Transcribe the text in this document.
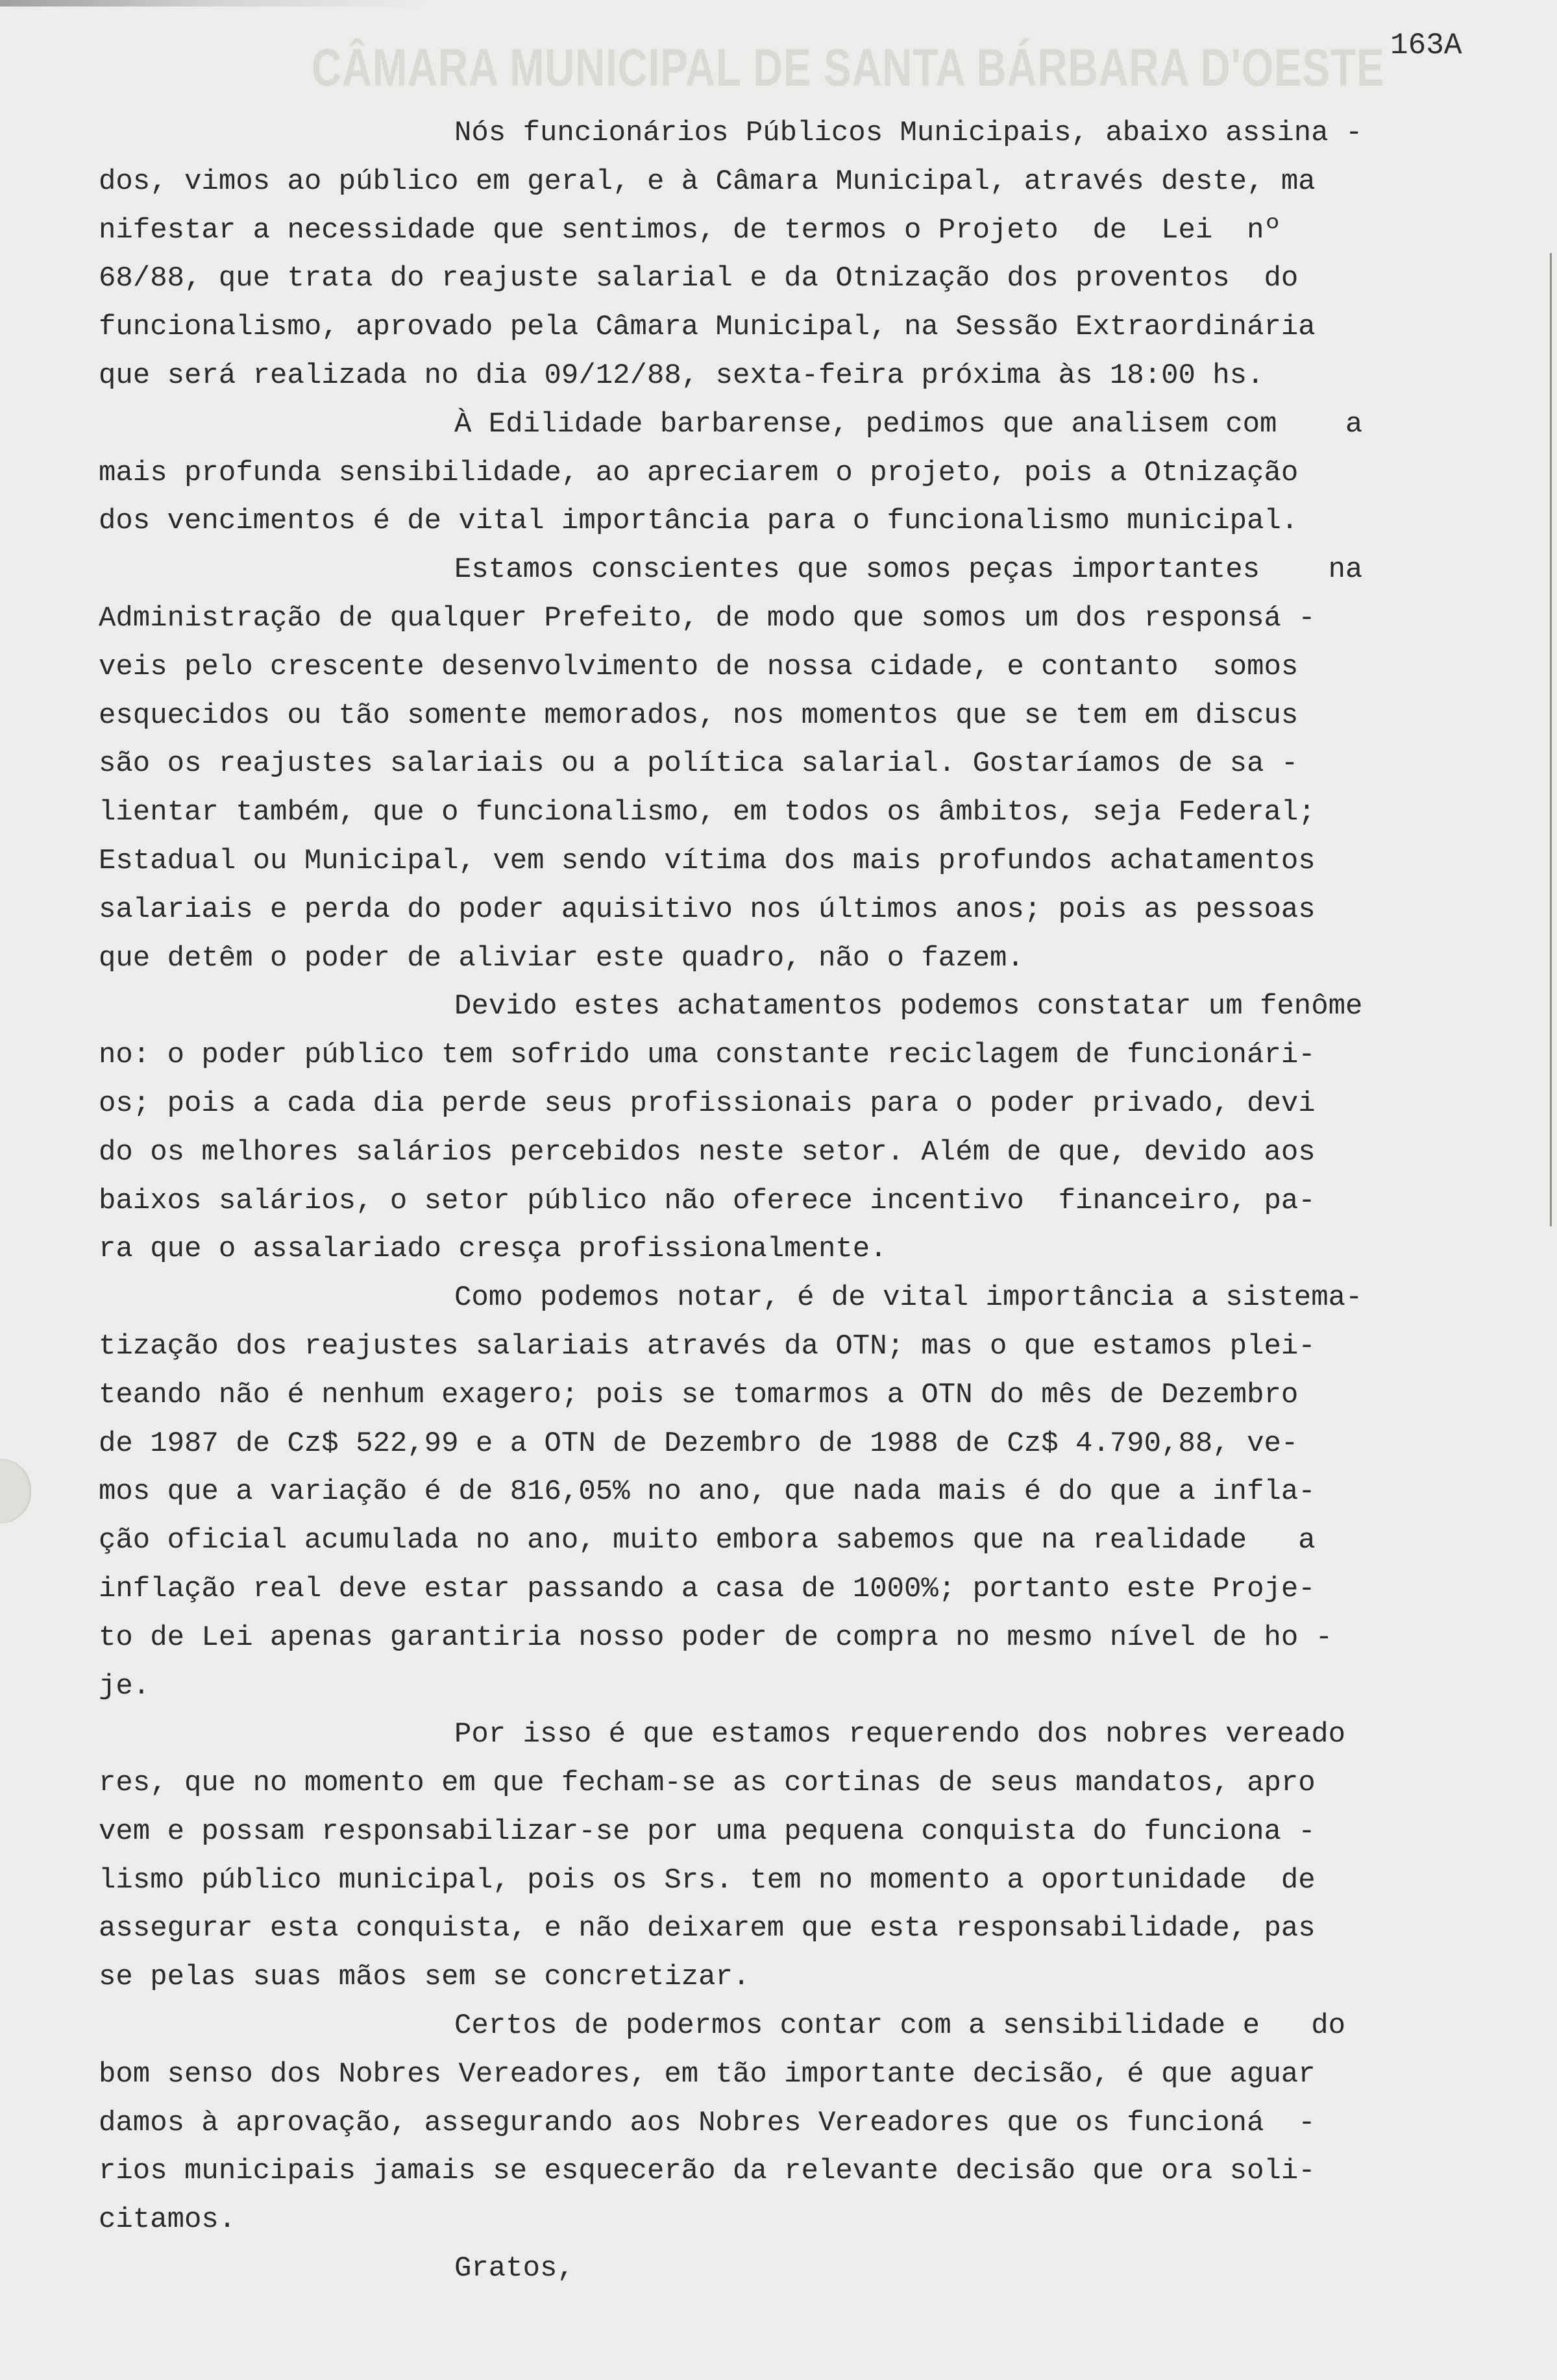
CÂMARA MUNICIPAL DE SANTA BÁRBARA D'OESTE 163A
Nós funcionários Públicos Municipais, abaixo assina -
dos, vimos ao público em geral, e à Câmara Municipal, através deste, ma
nifestar a necessidade que sentimos, de termos o Projeto  de  Lei  nº
68/88, que trata do reajuste salarial e da Otnização dos proventos  do
funcionalismo, aprovado pela Câmara Municipal, na Sessão Extraordinária
que será realizada no dia 09/12/88, sexta-feira próxima às 18:00 hs.
À Edilidade barbarense, pedimos que analisem com    a
mais profunda sensibilidade, ao apreciarem o projeto, pois a Otnização
dos vencimentos é de vital importância para o funcionalismo municipal.
Estamos conscientes que somos peças importantes    na
Administração de qualquer Prefeito, de modo que somos um dos responsá -
veis pelo crescente desenvolvimento de nossa cidade, e contanto  somos
esquecidos ou tão somente memorados, nos momentos que se tem em discus
são os reajustes salariais ou a política salarial. Gostaríamos de sa -
lientar também, que o funcionalismo, em todos os âmbitos, seja Federal;
Estadual ou Municipal, vem sendo vítima dos mais profundos achatamentos
salariais e perda do poder aquisitivo nos últimos anos; pois as pessoas
que detêm o poder de aliviar este quadro, não o fazem.
Devido estes achatamentos podemos constatar um fenôme
no: o poder público tem sofrido uma constante reciclagem de funcionári-
os; pois a cada dia perde seus profissionais para o poder privado, devi
do os melhores salários percebidos neste setor. Além de que, devido aos
baixos salários, o setor público não oferece incentivo  financeiro, pa-
ra que o assalariado cresça profissionalmente.
Como podemos notar, é de vital importância a sistema-
tização dos reajustes salariais através da OTN; mas o que estamos plei-
teando não é nenhum exagero; pois se tomarmos a OTN do mês de Dezembro
de 1987 de Cz$ 522,99 e a OTN de Dezembro de 1988 de Cz$ 4.790,88, ve-
mos que a variação é de 816,05% no ano, que nada mais é do que a infla-
ção oficial acumulada no ano, muito embora sabemos que na realidade   a
inflação real deve estar passando a casa de 1000%; portanto este Proje-
to de Lei apenas garantiria nosso poder de compra no mesmo nível de ho -
je.
Por isso é que estamos requerendo dos nobres vereado
res, que no momento em que fecham-se as cortinas de seus mandatos, apro
vem e possam responsabilizar-se por uma pequena conquista do funciona -
lismo público municipal, pois os Srs. tem no momento a oportunidade  de
assegurar esta conquista, e não deixarem que esta responsabilidade, pas
se pelas suas mãos sem se concretizar.
Certos de podermos contar com a sensibilidade e   do
bom senso dos Nobres Vereadores, em tão importante decisão, é que aguar
damos à aprovação, assegurando aos Nobres Vereadores que os funcioná  -
rios municipais jamais se esquecerão da relevante decisão que ora soli-
citamos.
Gratos,
